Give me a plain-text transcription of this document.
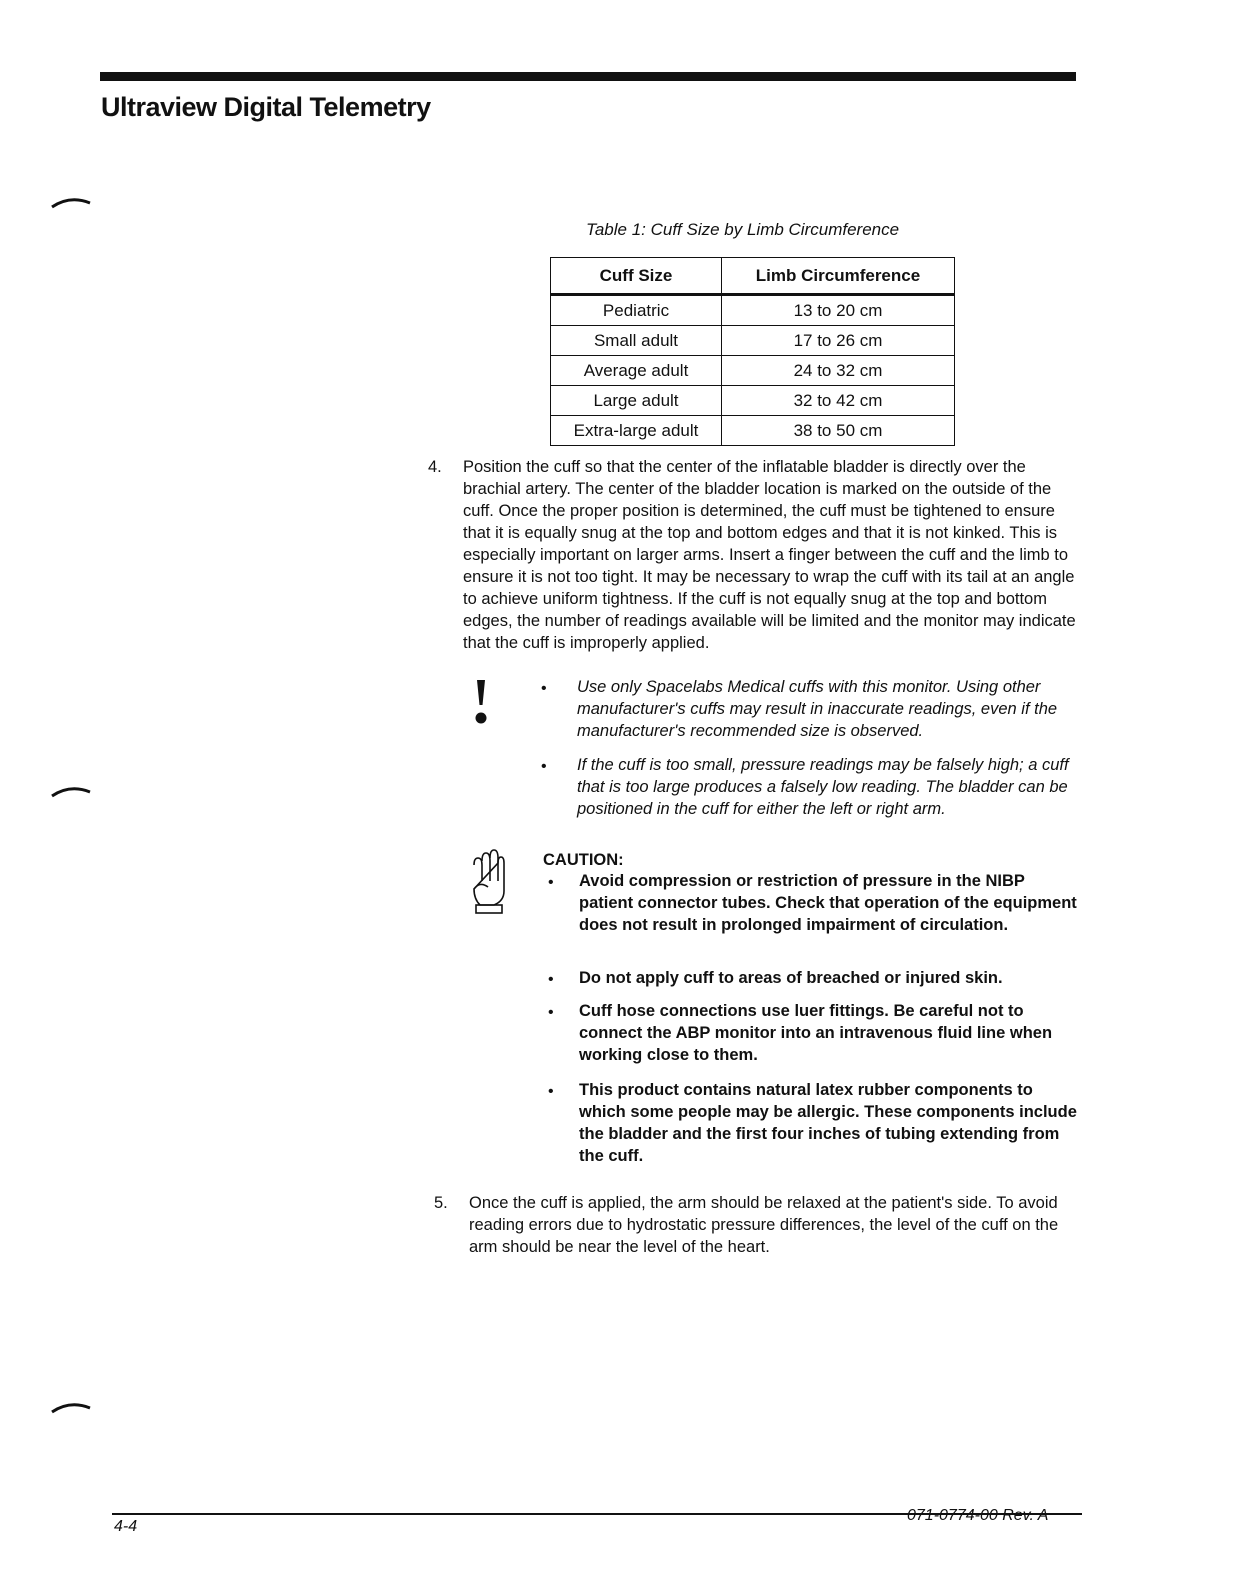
Ultraview Digital Telemetry
Table 1: Cuff Size by Limb Circumference
Cuff Size	Limb Circumference
Pediatric	13 to 20 cm
Small adult	17 to 26 cm
Average adult	24 to 32 cm
Large adult	32 to 42 cm
Extra-large adult	38 to 50 cm
4. Position the cuff so that the center of the inflatable bladder is directly over the brachial artery. The center of the bladder location is marked on the outside of the cuff. Once the proper position is determined, the cuff must be tightened to ensure that it is equally snug at the top and bottom edges and that it is not kinked. This is especially important on larger arms. Insert a finger between the cuff and the limb to ensure it is not too tight. It may be necessary to wrap the cuff with its tail at an angle to achieve uniform tightness. If the cuff is not equally snug at the top and bottom edges, the number of readings available will be limited and the monitor may indicate that the cuff is improperly applied.
• Use only Spacelabs Medical cuffs with this monitor. Using other manufacturer's cuffs may result in inaccurate readings, even if the manufacturer's recommended size is observed.
• If the cuff is too small, pressure readings may be falsely high; a cuff that is too large produces a falsely low reading. The bladder can be positioned in the cuff for either the left or right arm.
CAUTION:
• Avoid compression or restriction of pressure in the NIBP patient connector tubes. Check that operation of the equipment does not result in prolonged impairment of circulation.
• Do not apply cuff to areas of breached or injured skin.
• Cuff hose connections use luer fittings. Be careful not to connect the ABP monitor into an intravenous fluid line when working close to them.
• This product contains natural latex rubber components to which some people may be allergic. These components include the bladder and the first four inches of tubing extending from the cuff.
5. Once the cuff is applied, the arm should be relaxed at the patient's side. To avoid reading errors due to hydrostatic pressure differences, the level of the cuff on the arm should be near the level of the heart.
4-4
071-0774-00 Rev. A
